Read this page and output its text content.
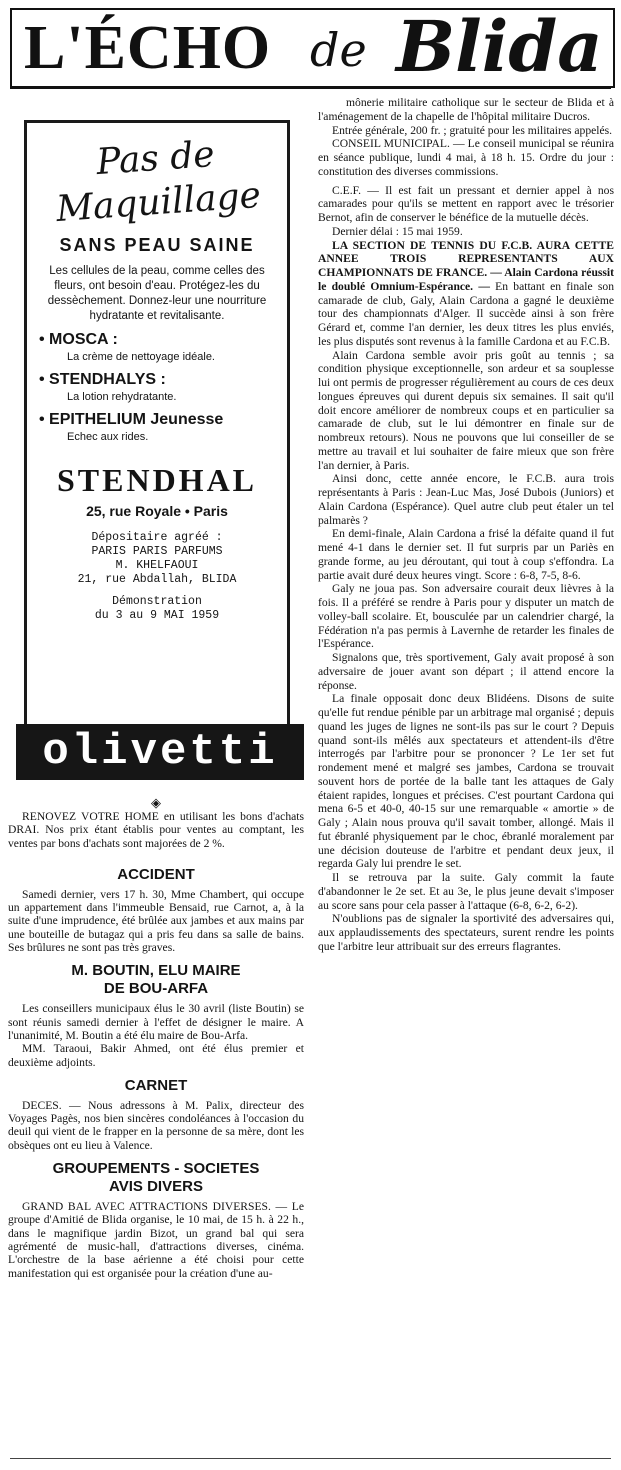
L'ÉCHO de Blida
Pas de Maquillage
SANS PEAU SAINE
Les cellules de la peau, comme celles des fleurs, ont besoin d'eau. Protégez-les du dessèchement. Donnez-leur une nourriture hydratante et revitalisante.
• MOSCA :
La crème de nettoyage idéale.
• STENDHALYS :
La lotion rehydratante.
• EPITHELIUM Jeunesse
Echec aux rides.
STENDHAL
25, rue Royale • Paris
Dépositaire agréé :
PARIS PARIS PARFUMS
M. KHELFAOUI
21, rue Abdallah, BLIDA
Démonstration
du 3 au 9 MAI 1959
olivetti
◈

RENOVEZ VOTRE HOME en utilisant les bons d'achats DRAI. Nos prix étant établis pour ventes au comptant, les ventes par bons d'achats sont majorées de 2 %.

ACCIDENT

Samedi dernier, vers 17 h. 30, Mme Chambert, qui occupe un appartement dans l'immeuble Bensaid, rue Carnot, a, à la suite d'une imprudence, été brûlée aux jambes et aux mains par une bouteille de butagaz qui a pris feu dans sa salle de bains. Ses brûlures ne sont pas très graves.

M. BOUTIN, ELU MAIRE
DE BOU-ARFA

Les conseillers municipaux élus le 30 avril (liste Boutin) se sont réunis samedi dernier à l'effet de désigner le maire. A l'unanimité, M. Boutin a été élu maire de Bou-Arfa.

MM. Taraoui, Bakir Ahmed, ont été élus premier et deuxième adjoints.

CARNET

DECES. — Nous adressons à M. Palix, directeur des Voyages Pagès, nos bien sincères condoléances à l'occasion du deuil qui vient de le frapper en la personne de sa mère, dont les obsèques ont eu lieu à Valence.

GROUPEMENTS - SOCIETES
AVIS DIVERS

GRAND BAL AVEC ATTRACTIONS DIVERSES. — Le groupe d'Amitié de Blida organise, le 10 mai, de 15 h. à 22 h., dans le magnifique jardin Bizot, un grand bal qui sera agrémenté de music-hall, d'attractions diverses, cinéma. L'orchestre de la base aérienne a été choisi pour cette manifestation qui est organisée pour la création d'une au-

mônerie militaire catholique sur le secteur de Blida et à l'aménagement de la chapelle de l'hôpital militaire Ducros.

Entrée générale, 200 fr. ; gratuité pour les militaires appelés.

CONSEIL MUNICIPAL. — Le conseil municipal se réunira en séance publique, lundi 4 mai, à 18 h. 15. Ordre du jour : constitution des diverses commissions.

C.E.F. — Il est fait un pressant et dernier appel à nos camarades pour qu'ils se mettent en rapport avec le trésorier Bernot, afin de conserver le bénéfice de la mutuelle décès.

Dernier délai : 15 mai 1959.

LA SECTION DE TENNIS DU F.C.B. AURA CETTE ANNEE TROIS REPRESENTANTS AUX CHAMPIONNATS DE FRANCE. — Alain Cardona réussit le doublé Omnium-Espérance. — En battant en finale son camarade de club, Galy, Alain Cardona a gagné le deuxième tour des championnats d'Alger. Il succède ainsi à son frère Gérard et, comme l'an dernier, les deux titres les plus enviés, les plus disputés sont revenus à la famille Cardona et au F.C.B.

Alain Cardona semble avoir pris goût au tennis ; sa condition physique exceptionnelle, son ardeur et sa souplesse lui ont permis de progresser régulièrement au cours de ces deux longues épreuves qui durent depuis six semaines. Il sait qu'il doit encore améliorer de nombreux coups et en particulier sa camarade de club, sut le lui démontrer en finale sur de nombreux retours). Nous ne pouvons que lui conseiller de se mettre au travail et lui souhaiter de faire mieux que son frère l'an dernier, à Paris.

Ainsi donc, cette année encore, le F.C.B. aura trois représentants à Paris : Jean-Luc Mas, José Dubois (Juniors) et Alain Cardona (Espérance). Quel autre club peut étaler un tel palmarès ?

En demi-finale, Alain Cardona a frisé la défaite quand il fut mené 4-1 dans le dernier set. Il fut surpris par un Pariès en grande forme, au jeu déroutant, qui tout à coup s'effondra. La partie avait duré deux heures vingt. Score : 6-8, 7-5, 8-6.

Galy ne joua pas. Son adversaire courait deux lièvres à la fois. Il a préféré se rendre à Paris pour y disputer un match de volley-ball scolaire. Et, bousculée par un calendrier chargé, la Fédération n'a pas permis à Lavernhe de retarder les finales de l'Espérance.

Signalons que, très sportivement, Galy avait proposé à son adversaire de jouer avant son départ ; il attend encore la réponse.

La finale opposait donc deux Blidéens. Disons de suite qu'elle fut rendue pénible par un arbitrage mal organisé ; depuis quand les juges de lignes ne sont-ils pas sur le court ? Depuis quand sont-ils mêlés aux spectateurs et attendent-ils d'être interrogés par l'arbitre pour se prononcer ? Le 1er set fut rondement mené et malgré ses jambes, Cardona se trouvait souvent hors de portée de la balle tant les attaques de Galy étaient rapides, longues et précises. C'est pourtant Cardona qui mena 6-5 et 40-0, 40-15 sur une remarquable « amortie » de Galy ; Alain nous prouva qu'il savait tomber, allongé. Mais il fut ébranlé physiquement par le choc, ébranlé moralement par une décision douteuse de l'arbitre et pendant deux jeux, il regarda Galy lui prendre le set.

Il se retrouva par la suite. Galy commit la faute d'abandonner le 2e set. Et au 3e, le plus jeune devait s'imposer au score sans pour cela passer à l'attaque (6-8, 6-2, 6-2).

N'oublions pas de signaler la sportivité des adversaires qui, aux applaudissements des spectateurs, surent rendre les points que l'arbitre leur attribuait sur des erreurs flagrantes.
